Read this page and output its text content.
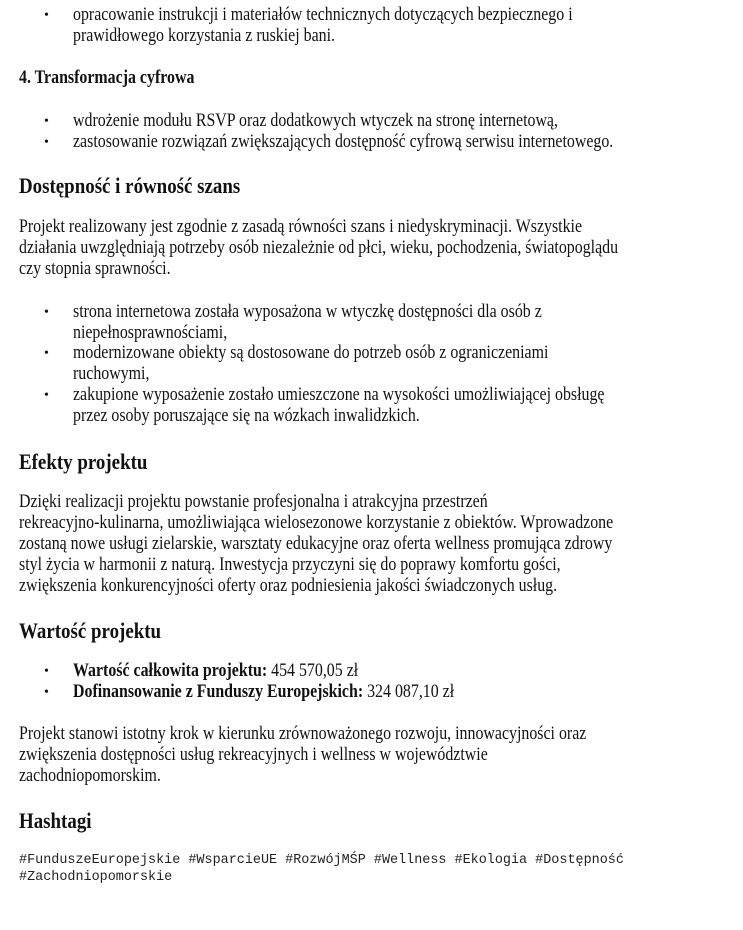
• opracowanie instrukcji i materiałów technicznych dotyczących bezpiecznego i
prawidłowego korzystania z ruskiej bani.
4. Transformacja cyfrowa
• wdrożenie modułu RSVP oraz dodatkowych wtyczek na stronę internetową,
• zastosowanie rozwiązań zwiększających dostępność cyfrową serwisu internetowego.
Dostępność i równość szans
Projekt realizowany jest zgodnie z zasadą równości szans i niedyskryminacji. Wszystkie
działania uwzględniają potrzeby osób niezależnie od płci, wieku, pochodzenia, światopoglądu
czy stopnia sprawności.
• strona internetowa została wyposażona w wtyczkę dostępności dla osób z
niepełnosprawnościami,
• modernizowane obiekty są dostosowane do potrzeb osób z ograniczeniami
ruchowymi,
• zakupione wyposażenie zostało umieszczone na wysokości umożliwiającej obsługę
przez osoby poruszające się na wózkach inwalidzkich.
Efekty projektu
Dzięki realizacji projektu powstanie profesjonalna i atrakcyjna przestrzeń
rekreacyjno-kulinarna, umożliwiająca wielosezonowe korzystanie z obiektów. Wprowadzone
zostaną nowe usługi zielarskie, warsztaty edukacyjne oraz oferta wellness promująca zdrowy
styl życia w harmonii z naturą. Inwestycja przyczyni się do poprawy komfortu gości,
zwiększenia konkurencyjności oferty oraz podniesienia jakości świadczonych usług.
Wartość projektu
• Wartość całkowita projektu: 454 570,05 zł
• Dofinansowanie z Funduszy Europejskich: 324 087,10 zł
Projekt stanowi istotny krok w kierunku zrównoważonego rozwoju, innowacyjności oraz
zwiększenia dostępności usług rekreacyjnych i wellness w województwie
zachodniopomorskim.
Hashtagi
#FunduszeEuropejskie #WsparcieUE #RozwójMŚP #Wellness #Ekologia #Dostępność
#Zachodniopomorskie
